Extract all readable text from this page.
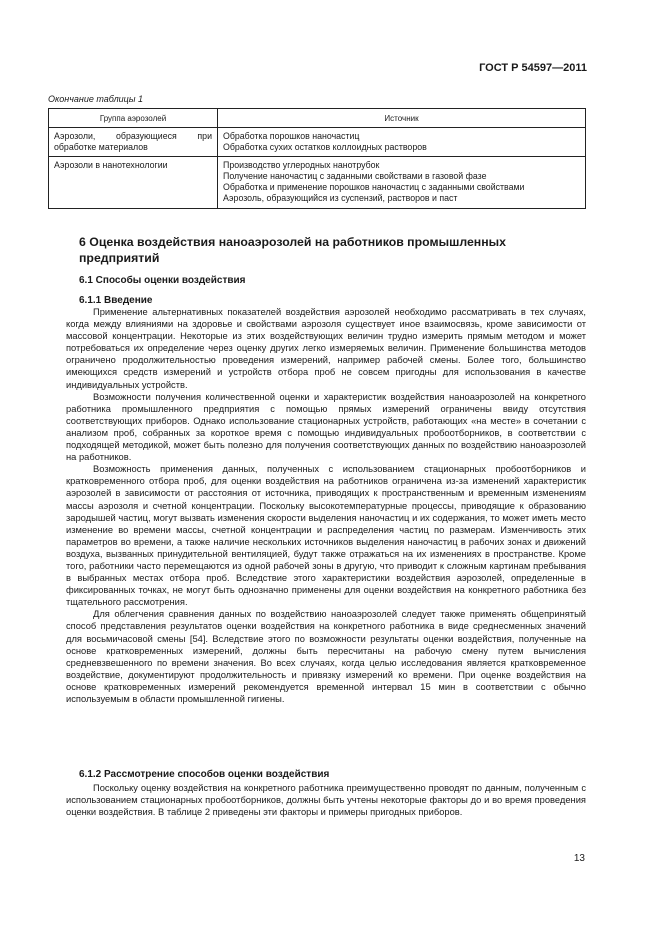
ГОСТ Р 54597—2011
Окончание таблицы 1
Группа аэрозолей	Источник
Аэрозоли, образующиеся при обработке материалов	Обработка порошков наночастиц
Обработка сухих остатков коллоидных растворов

Аэрозоли в нанотехнологии	Производство углеродных нанотрубок
Получение наночастиц с заданными свойствами в газовой фазе
Обработка и применение порошков наночастиц с заданными свойствами
Аэрозоль, образующийся из суспензий, растворов и паст
6 Оценка воздействия наноаэрозолей на работников промышленных предприятий
6.1 Способы оценки воздействия
6.1.1 Введение

Применение альтернативных показателей воздействия аэрозолей необходимо рассматривать в тех случаях, когда между влияниями на здоровье и свойствами аэрозоля существует иное взаимосвязь, кроме зависимости от массовой концентрации. Некоторые из этих воздействующих величин трудно измерить прямым методом и может потребоваться их определение через оценку других легко измеряемых величин. Применение большинства методов ограничено продолжительностью проведения измерений, например рабочей смены. Более того, большинство имеющихся средств измерений и устройств отбора проб не совсем пригодны для использования в качестве индивидуальных устройств.

Возможности получения количественной оценки и характеристик воздействия наноаэрозолей на конкретного работника промышленного предприятия с помощью прямых измерений ограничены ввиду отсутствия соответствующих приборов. Однако использование стационарных устройств, работающих «на месте» в сочетании с анализом проб, собранных за короткое время с помощью индивидуальных пробоотборников, в соответствии с подходящей методикой, может быть полезно для получения соответствующих данных по воздействию наноаэрозолей на работников.

Возможность применения данных, полученных с использованием стационарных пробоотборников и кратковременного отбора проб, для оценки воздействия на работников ограничена из-за изменений характеристик аэрозолей в зависимости от расстояния от источника, приводящих к пространственным и временным изменениям массы аэрозоля и счетной концентрации. Поскольку высокотемпературные процессы, приводящие к образованию зародышей частиц, могут вызвать изменения скорости выделения наночастиц и их содержания, то может иметь место изменение во времени массы, счетной концентрации и распределения частиц по размерам. Изменчивость этих параметров во времени, а также наличие нескольких источников выделения наночастиц в рабочих зонах и движений воздуха, вызванных принудительной вентиляцией, будут также отражаться на их изменениях в пространстве. Кроме того, работники часто перемещаются из одной рабочей зоны в другую, что приводит к сложным картинам пребывания в выбранных местах отбора проб. Вследствие этого характеристики воздействия аэрозолей, определенные в фиксированных точках, не могут быть однозначно применены для оценки воздействия на конкретного работника без тщательного рассмотрения.

Для облегчения сравнения данных по воздействию наноаэрозолей следует также применять общепринятый способ представления результатов оценки воздействия на конкретного работника в виде среднесменных значений для восьмичасовой смены [54]. Вследствие этого по возможности результаты оценки воздействия, полученные на основе кратковременных измерений, должны быть пересчитаны на рабочую смену путем вычисления средневзвешенного по времени значения. Во всех случаях, когда целью исследования является кратковременное воздействие, документируют продолжительность и привязку измерений ко времени. При оценке воздействия на основе кратковременных измерений рекомендуется временной интервал 15 мин в соответствии с обычно используемым в области промышленной гигиены.

6.1.2 Рассмотрение способов оценки воздействия

Поскольку оценку воздействия на конкретного работника преимущественно проводят по данным, полученным с использованием стационарных пробоотборников, должны быть учтены некоторые факторы до и во время проведения оценки воздействия. В таблице 2 приведены эти факторы и примеры пригодных приборов.

13
